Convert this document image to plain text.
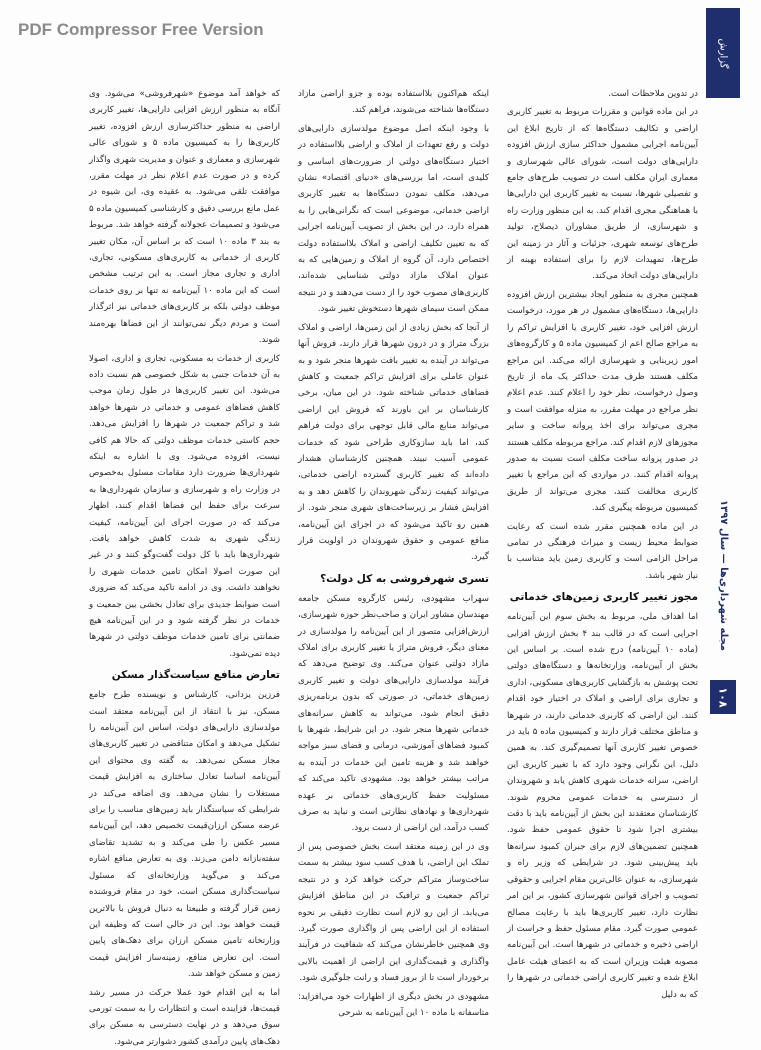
PDF Compressor Free Version
گزارش
مجله شهرداری‌ها — سال ۱۳۹۷
۱۰۸

در تدوین ملاحظات است.

در این ماده قوانین و مقررات مربوط به تغییر کاربری اراضی و تکالیف دستگاه‌ها که از تاریخ ابلاغ این آیین‌نامه اجرایی مشمول حداکثر سازی ارزش افزوده دارایی‌های دولت است، شورای عالی شهرسازی و معماری ایران مکلف است در تصویب طرح‌های جامع و تفصیلی شهرها، نسبت به تغییر کاربری این دارایی‌ها با هماهنگی مجری اقدام کند. به این منظور وزارت راه و شهرسازی، از طریق مشاوران ذیصلاح، تولید طرح‌های توسعه شهری، جزئیات و آثار در زمینه این طرح‌ها، تمهیدات لازم را برای استفاده بهینه از دارایی‌های دولت اتخاذ می‌کند.

همچنین مجری به منظور ایجاد بیشترین ارزش افزوده دارایی‌ها، دستگاه‌های مشمول در هر مورد، درخواست ارزش افزایی خود، تغییر کاربری یا افزایش تراکم را به مراجع صالح اعم از کمیسیون ماده ۵ و کارگروه‌های امور زیربنایی و شهرسازی ارائه می‌کند. این مراجع مکلف هستند ظرف مدت حداکثر یک ماه از تاریخ وصول درخواست، نظر خود را اعلام کنند. عدم اعلام نظر مراجع در مهلت مقرر، به منزله موافقت است و مجری می‌تواند برای اخذ پروانه ساخت و سایر مجوزهای لازم اقدام کند. مراجع مربوطه مکلف هستند در صدور پروانه ساخت مکلف است نسبت به صدور پروانه اقدام کنند. در مواردی که این مراجع با تغییر کاربری مخالفت کنند، مجری می‌تواند از طریق کمیسیون مربوطه پیگیری کند.

در این ماده همچنین مقرر شده است که رعایت ضوابط محیط زیست و میراث فرهنگی در تمامی مراحل الزامی است و کاربری زمین باید متناسب با نیاز شهر باشد.

مجوز تغییر کاربری زمین‌های خدماتی

اما اهداف ملی، مربوط به بخش سوم این آیین‌نامه اجرایی است که در قالب بند ۴ بخش ارزش افزایی (ماده ۱۰ آیین‌نامه) درج شده است. بر اساس این بخش از آیین‌نامه، وزارتخانه‌ها و دستگاه‌های دولتی تحت پوشش به بازگشایی کاربری‌های مسکونی، اداری و تجاری برای اراضی و املاک در اختیار خود اقدام کنند. این اراضی که کاربری خدماتی دارند، در شهرها و مناطق مختلف قرار دارند و کمیسیون ماده ۵ باید در خصوص تغییر کاربری آنها تصمیم‌گیری کند. به همین دلیل، این نگرانی وجود دارد که با تغییر کاربری این اراضی، سرانه خدمات شهری کاهش یابد و شهروندان از دسترسی به خدمات عمومی محروم شوند. کارشناسان معتقدند این بخش از آیین‌نامه باید با دقت بیشتری اجرا شود تا حقوق عمومی حفظ شود. همچنین تضمین‌های لازم برای جبران کمبود سرانه‌ها باید پیش‌بینی شود. در شرایطی که وزیر راه و شهرسازی، به عنوان عالی‌ترین مقام اجرایی و حقوقی تصویب و اجرای قوانین شهرسازی کشور، بر این امر نظارت دارد، تغییر کاربری‌ها باید با رعایت مصالح عمومی صورت گیرد. مقام مسئول حفظ و حراست از اراضی ذخیره و خدماتی در شهرها است. این آیین‌نامه مصوبه هیئت وزیران است که به اعضای هیئت عامل ابلاغ شده و تغییر کاربری اراضی خدماتی در شهرها را که به دلیل

اینکه هم‌اکنون بلااستفاده بوده و جزو اراضی مازاد دستگاه‌ها شناخته می‌شوند، فراهم کند.

با وجود اینکه اصل موضوع مولدسازی دارایی‌های دولت و رفع تعهدات از املاک و اراضی بلااستفاده در اختیار دستگاه‌های دولتی از ضرورت‌های اساسی و کلیدی است، اما بررسی‌های «دنیای اقتصاد» نشان می‌دهد، مکلف نمودن دستگاه‌ها به تغییر کاربری اراضی خدماتی، موضوعی است که نگرانی‌هایی را به همراه دارد. در این بخش از تصویب آیین‌نامه اجرایی که به تعیین تکلیف اراضی و املاک بلااستفاده دولت اختصاص دارد، آن گروه از املاک و زمین‌هایی که به عنوان املاک مازاد دولتی شناسایی شده‌اند، کاربری‌های مصوب خود را از دست می‌دهند و در نتیجه ممکن است سیمای شهرها دستخوش تغییر شود.

از آنجا که بخش زیادی از این زمین‌ها، اراضی و املاک بزرگ متراژ و در درون شهرها قرار دارند، فروش آنها می‌تواند در آینده به تغییر بافت شهرها منجر شود و به عنوان عاملی برای افزایش تراکم جمعیت و کاهش فضاهای خدماتی شناخته شود. در این میان، برخی کارشناسان بر این باورند که فروش این اراضی می‌تواند منابع مالی قابل توجهی برای دولت فراهم کند، اما باید سازوکاری طراحی شود که خدمات عمومی آسیب نبیند. همچنین کارشناسان هشدار داده‌اند که تغییر کاربری گسترده اراضی خدماتی، می‌تواند کیفیت زندگی شهروندان را کاهش دهد و به افزایش فشار بر زیرساخت‌های شهری منجر شود. از همین رو تاکید می‌شود که در اجرای این آیین‌نامه، منافع عمومی و حقوق شهروندان در اولویت قرار گیرد.

تسری شهرفروشی به کل دولت؟

سهراب مشهودی، رئیس کارگروه مسکن جامعه مهندسان مشاور ایران و صاحب‌نظر حوزه شهرسازی، ارزش‌افزایی متصور از این آیین‌نامه را مولدسازی در معنای دیگر، فروش متراژ یا تغییر کاربری برای املاک مازاد دولتی عنوان می‌کند. وی توضیح می‌دهد که فرآیند مولدسازی دارایی‌های دولت و تغییر کاربری زمین‌های خدماتی، در صورتی که بدون برنامه‌ریزی دقیق انجام شود، می‌تواند به کاهش سرانه‌های خدماتی شهرها منجر شود. در این شرایط، شهرها با کمبود فضاهای آموزشی، درمانی و فضای سبز مواجه خواهند شد و هزینه تامین این خدمات در آینده به مراتب بیشتر خواهد بود. مشهودی تاکید می‌کند که مسئولیت حفظ کاربری‌های خدماتی بر عهده شهرداری‌ها و نهادهای نظارتی است و نباید به صرف کسب درآمد، این اراضی از دست برود.

وی در این زمینه معتقد است بخش خصوصی پس از تملک این اراضی، با هدف کسب سود بیشتر به سمت ساخت‌وساز متراکم حرکت خواهد کرد و در نتیجه تراکم جمعیت و ترافیک در این مناطق افزایش می‌یابد. از این رو لازم است نظارت دقیقی بر نحوه استفاده از این اراضی پس از واگذاری صورت گیرد. وی همچنین خاطرنشان می‌کند که شفافیت در فرآیند واگذاری و قیمت‌گذاری این اراضی از اهمیت بالایی برخوردار است تا از بروز فساد و رانت جلوگیری شود.

مشهودی در بخش دیگری از اظهارات خود می‌افزاید: متاسفانه با ماده ۱۰ این آیین‌نامه به شرحی

که خواهد آمد موضوع «شهرفروشی» می‌شود. وی آنگاه به منظور ارزش افزایی دارایی‌ها، تغییر کاربری اراضی به منظور حداکثرسازی ارزش افزوده، تغییر کاربری‌ها را به کمیسیون ماده ۵ و شورای عالی شهرسازی و معماری و عنوان و مدیریت شهری واگذار کرده و در صورت عدم اعلام نظر در مهلت مقرر، موافقت تلقی می‌شود. به عقیده وی، این شیوه در عمل مانع بررسی دقیق و کارشناسی کمیسیون ماده ۵ می‌شود و تصمیمات عجولانه گرفته خواهد شد. مربوط به بند ۳ ماده ۱۰ است که بر اساس آن، مکان تغییر کاربری از خدماتی به کاربری‌های مسکونی، تجاری، اداری و تجاری مجاز است. به این ترتیب مشخص است که این ماده ۱۰ آیین‌نامه نه تنها بر روی خدمات موظف دولتی بلکه بر کاربری‌های خدماتی نیز اثرگذار است و مردم دیگر نمی‌توانند از این فضاها بهره‌مند شوند.

کاربری از خدمات به مسکونی، تجاری و اداری، اصولا به آن خدمات جنبی به شکل خصوصی هم نسبت داده می‌شود. این تغییر کاربری‌ها در طول زمان موجب کاهش فضاهای عمومی و خدماتی در شهرها خواهد شد و تراکم جمعیت در شهرها را افزایش می‌دهد. حجم کاستی خدمات موظف دولتی که حالا هم کافی نیست، افزوده می‌شود. وی با اشاره به اینکه شهرداری‌ها ضرورت دارد مقامات مسئول به‌خصوص در وزارت راه و شهرسازی و سازمان شهرداری‌ها به سرعت برای حفظ این فضاها اقدام کنند، اظهار می‌کند که در صورت اجرای این آیین‌نامه، کیفیت زندگی شهری به شدت کاهش خواهد یافت. شهرداری‌ها باید با کل دولت گفت‌وگو کنند و در غیر این صورت اصولا امکان تامین خدمات شهری را نخواهند داشت. وی در ادامه تاکید می‌کند که ضروری است ضوابط جدیدی برای تعادل بخشی بین جمعیت و خدمات در نظر گرفته شود و در این آیین‌نامه هیچ ضمانتی برای تامین خدمات موظف دولتی در شهرها دیده نمی‌شود.

تعارض منافع سیاست‌گذار مسکن

فرزین یزدانی، کارشناس و نویسنده طرح جامع مسکن، نیز با انتقاد از این آیین‌نامه معتقد است مولدسازی دارایی‌های دولت، اساس این آیین‌نامه را تشکیل می‌دهد و امکان متناقضی در تغییر کاربری‌های مجاز مسکن نمی‌دهد. به گفته وی محتوای این آیین‌نامه اساسا تعادل ساختاری به افزایش قیمت مستغلات را نشان می‌دهد. وی اضافه می‌کند در شرایطی که سیاستگذار باید زمین‌های مناسب را برای عرضه مسکن ارزان‌قیمت تخصیص دهد، این آیین‌نامه مسیر عکس را طی می‌کند و به تشدید تقاضای سفته‌بازانه دامن می‌زند. وی به تعارض منافع اشاره می‌کند و می‌گوید وزارتخانه‌ای که مسئول سیاست‌گذاری مسکن است، خود در مقام فروشنده زمین قرار گرفته و طبیعتا به دنبال فروش با بالاترین قیمت خواهد بود. این در حالی است که وظیفه این وزارتخانه تامین مسکن ارزان برای دهک‌های پایین است. این تعارض منافع، زمینه‌ساز افزایش قیمت زمین و مسکن خواهد شد.

اما به این اقدام خود عملا حرکت در مسیر رشد قیمت‌ها، فزاینده است و انتظارات را به سمت تورمی سوق می‌دهد و در نهایت دسترسی به مسکن برای دهک‌های پایین درآمدی کشور دشوارتر می‌شود.
